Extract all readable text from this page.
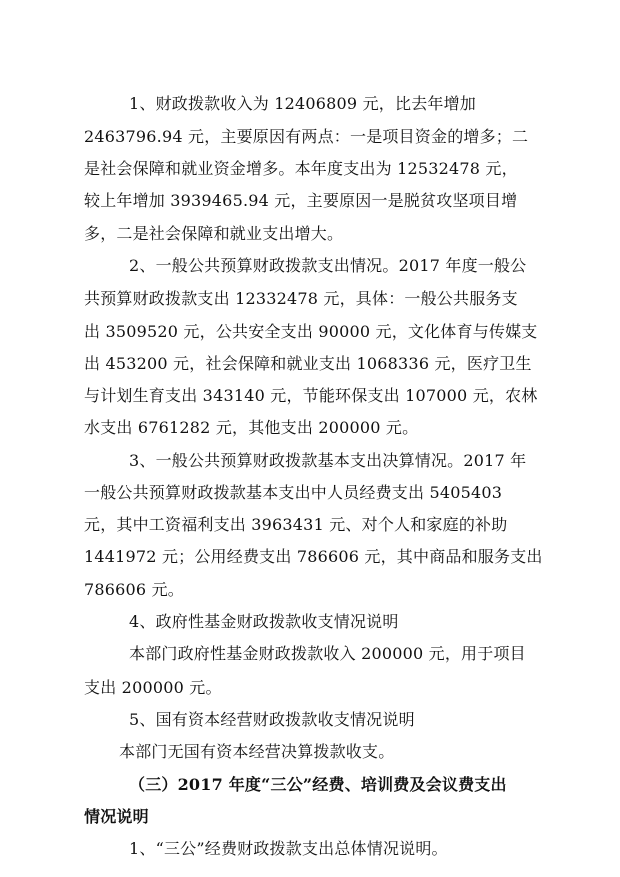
1、财政拨款收入为 12406809 元，比去年增加
2463796.94 元，主要原因有两点：一是项目资金的增多；二
是社会保障和就业资金增多。本年度支出为 12532478 元，
较上年增加 3939465.94 元，主要原因一是脱贫攻坚项目增
多，二是社会保障和就业支出增大。
2、一般公共预算财政拨款支出情况。2017 年度一般公
共预算财政拨款支出 12332478 元，具体：一般公共服务支
出 3509520 元，公共安全支出 90000 元，文化体育与传媒支
出 453200 元，社会保障和就业支出 1068336 元，医疗卫生
与计划生育支出 343140 元，节能环保支出 107000 元，农林
水支出 6761282 元，其他支出 200000 元。
3、一般公共预算财政拨款基本支出决算情况。2017 年
一般公共预算财政拨款基本支出中人员经费支出 5405403
元，其中工资福利支出 3963431 元、对个人和家庭的补助
1441972 元；公用经费支出 786606 元，其中商品和服务支出
786606 元。
4、政府性基金财政拨款收支情况说明
本部门政府性基金财政拨款收入 200000 元，用于项目
支出 200000 元。
5、国有资本经营财政拨款收支情况说明
本部门无国有资本经营决算拨款收支。
（三）2017 年度“三公”经费、培训费及会议费支出
情况说明
1、“三公”经费财政拨款支出总体情况说明。
